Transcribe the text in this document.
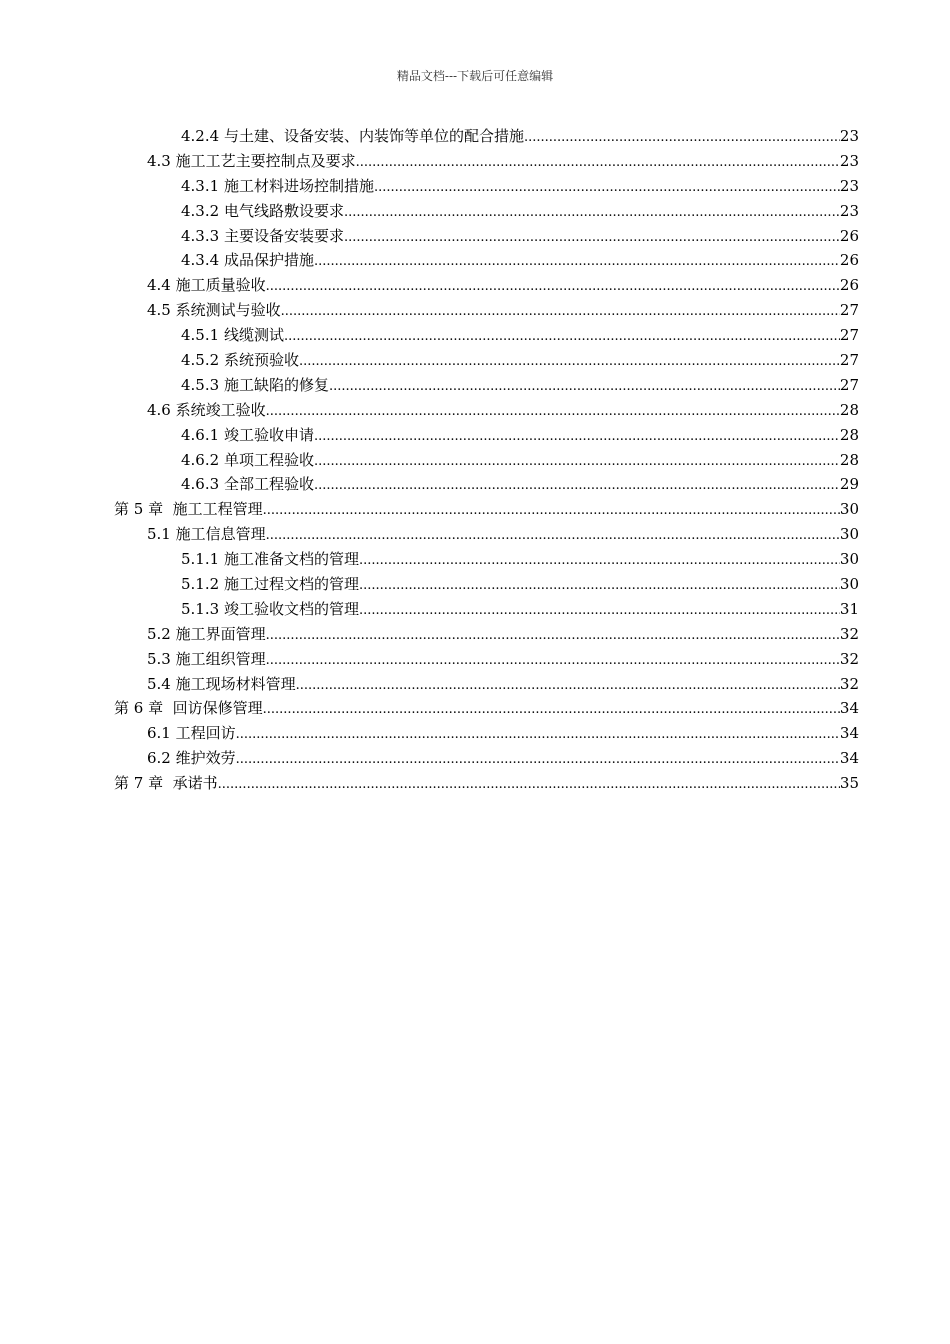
精品文档---下载后可任意编辑
4.2.4 与土建、设备安装、内装饰等单位的配合措施 .....	23
4.3 施工工艺主要控制点及要求 .....	23
4.3.1 施工材料进场控制措施 .....	23
4.3.2 电气线路敷设要求 .....	23
4.3.3 主要设备安装要求 .....	26
4.3.4 成品保护措施 .....	26
4.4 施工质量验收 .....	26
4.5 系统测试与验收 .....	27
4.5.1 线缆测试 .....	27
4.5.2 系统预验收 .....	27
4.5.3 施工缺陷的修复 .....	27
4.6 系统竣工验收 .....	28
4.6.1 竣工验收申请 .....	28
4.6.2 单项工程验收 .....	28
4.6.3 全部工程验收 .....	29
第 5 章 施工工程管理 .....	30
5.1 施工信息管理 .....	30
5.1.1 施工准备文档的管理 .....	30
5.1.2 施工过程文档的管理 .....	30
5.1.3 竣工验收文档的管理 .....	31
5.2 施工界面管理 .....	32
5.3 施工组织管理 .....	32
5.4 施工现场材料管理 .....	32
第 6 章 回访保修管理 .....	34
6.1 工程回访 .....	34
6.2 维护效劳 .....	34
第 7 章 承诺书 .....	35
